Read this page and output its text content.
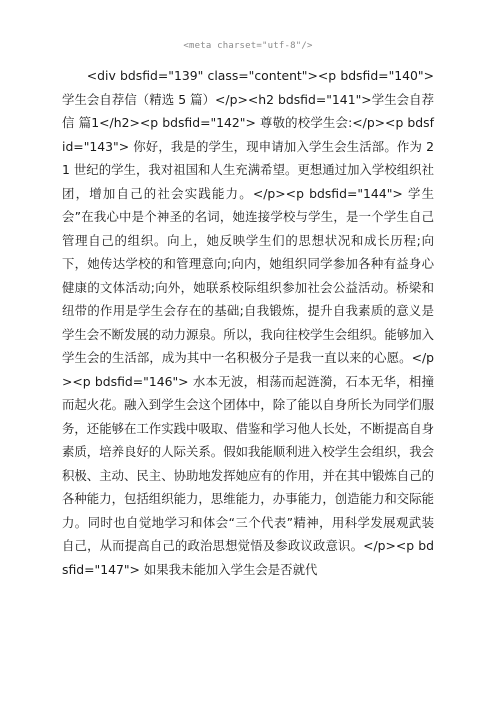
<meta charset="utf-8"/>

<div bdsfid="139" class="content"><p bdsfid="140">学生会自荐信（精选 5 篇）</p><h2 bdsfid="141">学生会自荐信 篇1</h2><p bdsfid="142"> 尊敬的校学生会:</p><p bdsfid="143"> 你好，我是的学生，现申请加入学生会生活部。作为 21 世纪的学生，我对祖国和人生充满希望。更想通过加入学校组织社团，增加自己的社会实践能力。</p><p bdsfid="144"> 学生会”在我心中是个神圣的名词，她连接学校与学生，是一个学生自己管理自己的组织。向上，她反映学生们的思想状况和成长历程;向下，她传达学校的和管理意向;向内，她组织同学参加各种有益身心健康的文体活动;向外，她联系校际组织参加社会公益活动。桥梁和纽带的作用是学生会存在的基础;自我锻炼，提升自我素质的意义是学生会不断发展的动力源泉。所以，我向往校学生会组织。能够加入学生会的生活部，成为其中一名积极分子是我一直以来的心愿。</p><p bdsfid="146"> 水本无波，相荡而起涟漪，石本无华，相撞而起火花。融入到学生会这个团体中，除了能以自身所长为同学们服务，还能够在工作实践中吸取、借鉴和学习他人长处，不断提高自身素质，培养良好的人际关系。假如我能顺利进入校学生会组织，我会积极、主动、民主、协助地发挥她应有的作用，并在其中锻炼自己的各种能力，包括组织能力，思维能力，办事能力，创造能力和交际能力。同时也自觉地学习和体会“三个代表”精神，用科学发展观武装自己，从而提高自己的政治思想觉悟及参政议政意识。</p><p bdsfid="147"> 如果我未能加入学生会是否就代
